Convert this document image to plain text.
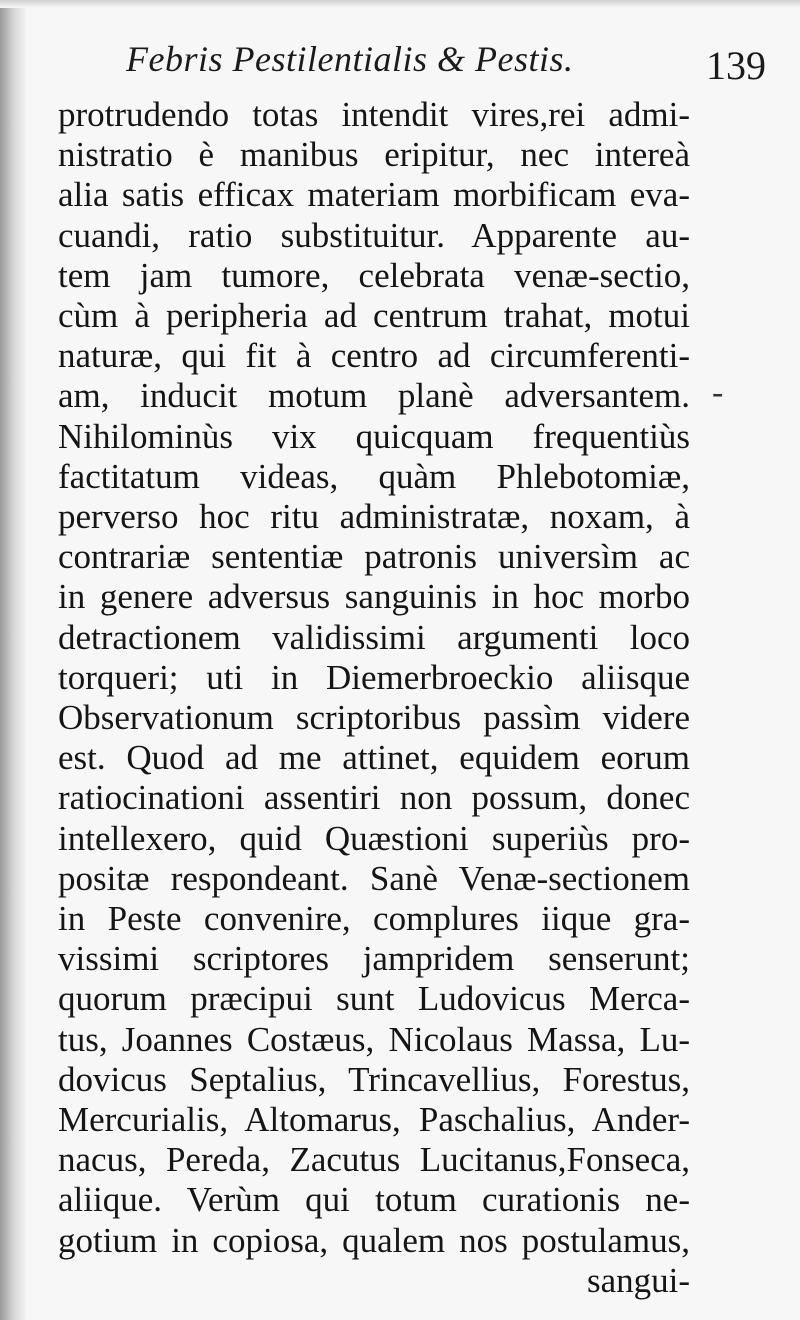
Febris Pestilentialis & Pestis.	139
-
protrudendo totas intendit vires,rei admi-
nistratio è manibus eripitur, nec intereà
alia satis efficax materiam morbificam eva-
cuandi, ratio substituitur. Apparente au-
tem jam tumore, celebrata venæ-sectio,
cùm à peripheria ad centrum trahat, motui
naturæ, qui fit à centro ad circumferenti-
am, inducit motum planè adversantem.
Nihilominùs vix quicquam frequentiùs
factitatum videas, quàm Phlebotomiæ,
perverso hoc ritu administratæ, noxam, à
contrariæ sententiæ patronis universìm ac
in genere adversus sanguinis in hoc morbo
detractionem validissimi argumenti loco
torqueri; uti in Diemerbroeckio aliisque
Observationum scriptoribus passìm videre
est. Quod ad me attinet, equidem eorum
ratiocinationi assentiri non possum, donec
intellexero, quid Quæstioni superiùs pro-
positæ respondeant. Sanè Venæ-sectionem
in Peste convenire, complures iique gra-
vissimi scriptores jampridem senserunt;
quorum præcipui sunt Ludovicus Merca-
tus, Joannes Costæus, Nicolaus Massa, Lu-
dovicus Septalius, Trincavellius, Forestus,
Mercurialis, Altomarus, Paschalius, Ander-
nacus, Pereda, Zacutus Lucitanus,Fonseca,
aliique. Verùm qui totum curationis ne-
gotium in copiosa, qualem nos postulamus,
sangui-
